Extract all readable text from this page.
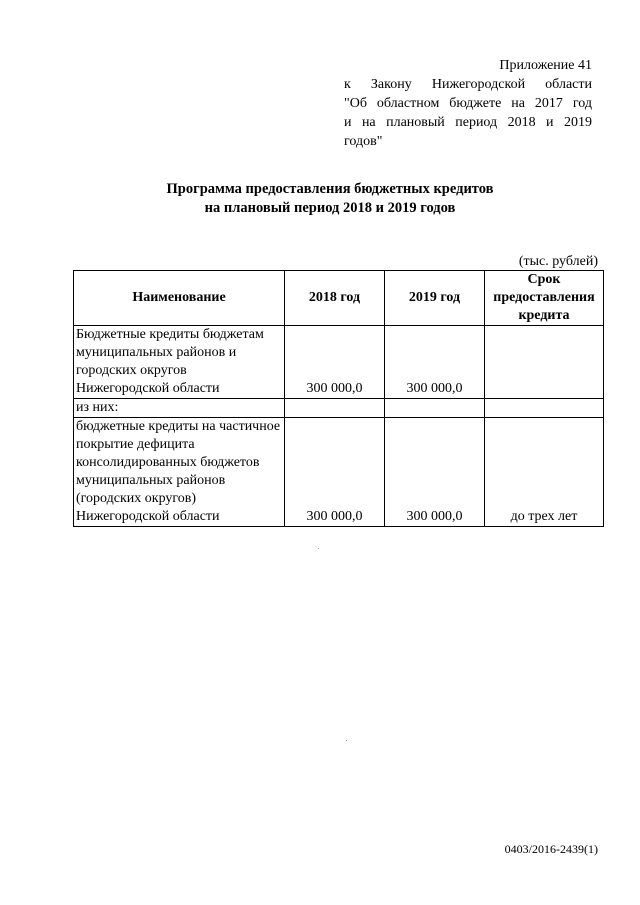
Приложение 41
к Закону Нижегородской области
"Об областном бюджете на 2017 год
и на плановый период 2018 и 2019
годов"
Программа предоставления бюджетных кредитов
на плановый период 2018 и 2019 годов
(тыс. рублей)
Наименование	2018 год	2019 год	Срок предоставления кредита
Бюджетные кредиты бюджетам муниципальных районов и городских округов Нижегородской области	300 000,0	300 000,0	
из них:			
бюджетные кредиты на частичное покрытие дефицита консолидированных бюджетов муниципальных районов (городских округов) Нижегородской области	300 000,0	300 000,0	до трех лет
0403/2016-2439(1)
